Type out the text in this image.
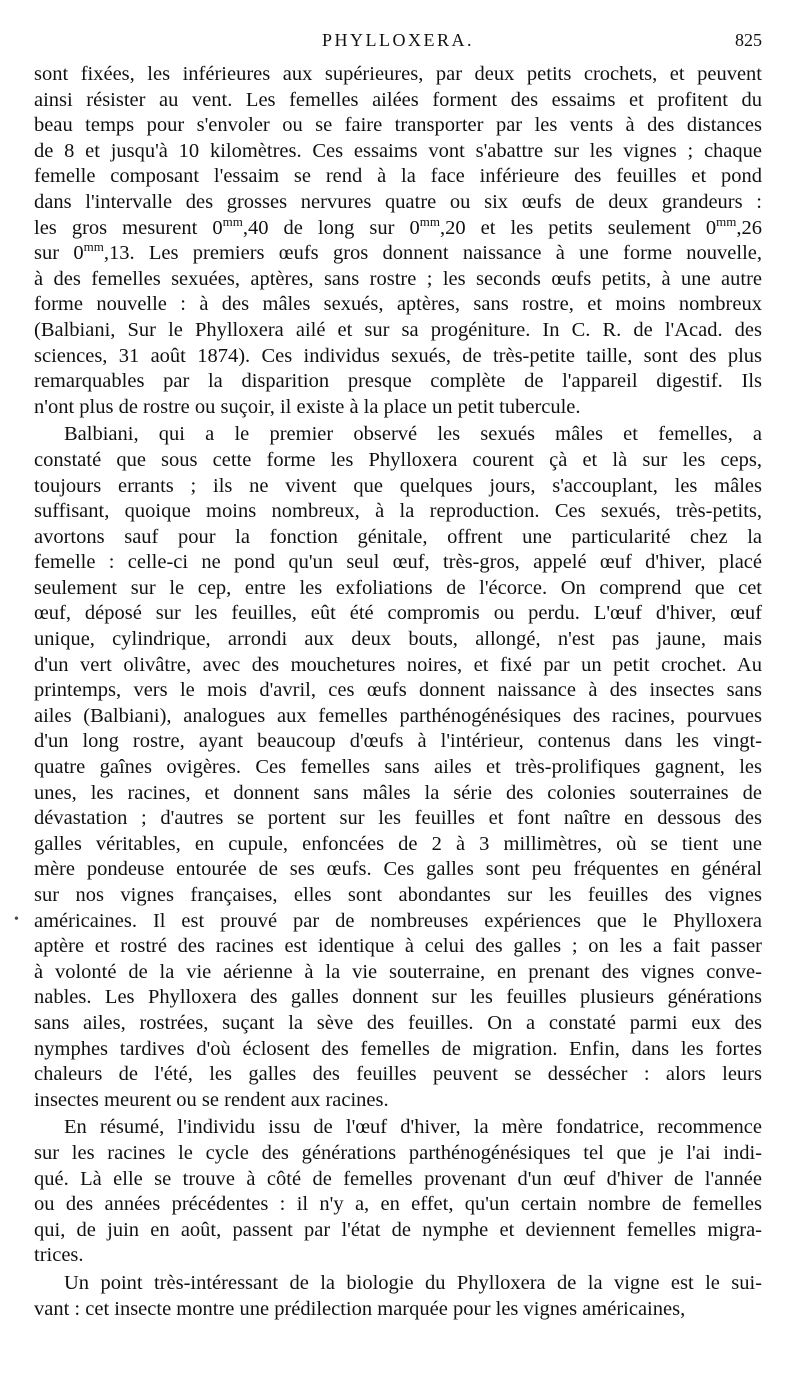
PHYLLOXERA.	825
•
sont fixées, les inférieures aux supérieures, par deux petits crochets, et peuvent
ainsi résister au vent. Les femelles ailées forment des essaims et profitent du
beau temps pour s'envoler ou se faire transporter par les vents à des distances
de 8 et jusqu'à 10 kilomètres. Ces essaims vont s'abattre sur les vignes ; chaque
femelle composant l'essaim se rend à la face inférieure des feuilles et pond
dans l'intervalle des grosses nervures quatre ou six œufs de deux grandeurs :
les gros mesurent $0^{mm},40$ de long sur $0^{mm},20$ et les petits seulement $0^{mm},26$
sur $0^{mm},13$. Les premiers œufs gros donnent naissance à une forme nouvelle,
à des femelles sexuées, aptères, sans rostre ; les seconds œufs petits, à une autre
forme nouvelle : à des mâles sexués, aptères, sans rostre, et moins nombreux
(Balbiani, Sur le Phylloxera ailé et sur sa progéniture. In C. R. de l'Acad. des
sciences, 31 août 1874). Ces individus sexués, de très-petite taille, sont des plus
remarquables par la disparition presque complète de l'appareil digestif. Ils
n'ont plus de rostre ou suçoir, il existe à la place un petit tubercule.
Balbiani, qui a le premier observé les sexués mâles et femelles, a
constaté que sous cette forme les Phylloxera courent çà et là sur les ceps,
toujours errants ; ils ne vivent que quelques jours, s'accouplant, les mâles
suffisant, quoique moins nombreux, à la reproduction. Ces sexués, très-petits,
avortons sauf pour la fonction génitale, offrent une particularité chez la
femelle : celle-ci ne pond qu'un seul œuf, très-gros, appelé œuf d'hiver, placé
seulement sur le cep, entre les exfoliations de l'écorce. On comprend que cet
œuf, déposé sur les feuilles, eût été compromis ou perdu. L'œuf d'hiver, œuf
unique, cylindrique, arrondi aux deux bouts, allongé, n'est pas jaune, mais
d'un vert olivâtre, avec des mouchetures noires, et fixé par un petit crochet. Au
printemps, vers le mois d'avril, ces œufs donnent naissance à des insectes sans
ailes (Balbiani), analogues aux femelles parthénogénésiques des racines, pourvues
d'un long rostre, ayant beaucoup d'œufs à l'intérieur, contenus dans les vingt-
quatre gaînes ovigères. Ces femelles sans ailes et très-prolifiques gagnent, les
unes, les racines, et donnent sans mâles la série des colonies souterraines de
dévastation ; d'autres se portent sur les feuilles et font naître en dessous des
galles véritables, en cupule, enfoncées de 2 à 3 millimètres, où se tient une
mère pondeuse entourée de ses œufs. Ces galles sont peu fréquentes en général
sur nos vignes françaises, elles sont abondantes sur les feuilles des vignes
américaines. Il est prouvé par de nombreuses expériences que le Phylloxera
aptère et rostré des racines est identique à celui des galles ; on les a fait passer
à volonté de la vie aérienne à la vie souterraine, en prenant des vignes conve-
nables. Les Phylloxera des galles donnent sur les feuilles plusieurs générations
sans ailes, rostrées, suçant la sève des feuilles. On a constaté parmi eux des
nymphes tardives d'où éclosent des femelles de migration. Enfin, dans les fortes
chaleurs de l'été, les galles des feuilles peuvent se dessécher : alors leurs
insectes meurent ou se rendent aux racines.
En résumé, l'individu issu de l'œuf d'hiver, la mère fondatrice, recommence
sur les racines le cycle des générations parthénogénésiques tel que je l'ai indi-
qué. Là elle se trouve à côté de femelles provenant d'un œuf d'hiver de l'année
ou des années précédentes : il n'y a, en effet, qu'un certain nombre de femelles
qui, de juin en août, passent par l'état de nymphe et deviennent femelles migra-
trices.
Un point très-intéressant de la biologie du Phylloxera de la vigne est le sui-
vant : cet insecte montre une prédilection marquée pour les vignes américaines,
